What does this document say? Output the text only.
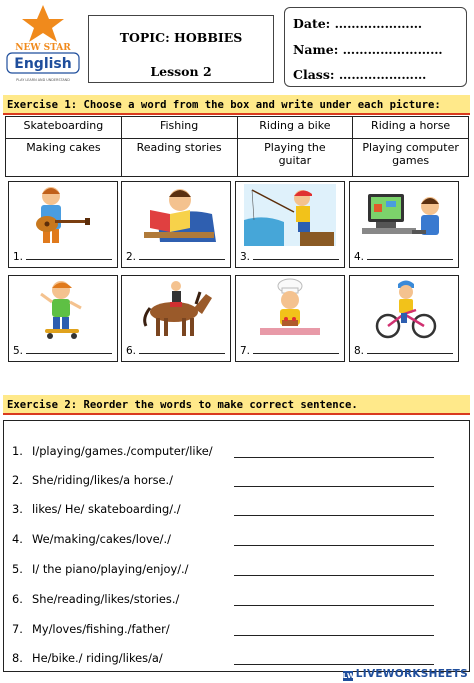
NEW STAR
English
PLAY LEARN AND UNDERSTAND
TOPIC: HOBBIES
Lesson 2
Date: …………………
Name: ……………………
Class: …………………
Exercise 1: Choose a word from the box and write under each picture:
Skateboarding	Fishing	Riding a bike	Riding a horse

Making cakes	Reading stories	Playing the guitar	Playing computer games
1.	2.	3.	4.
5.	6.	7.	8.
Exercise 2: Reorder the words to make correct sentence.
1. I/playing/games./computer/like/
2. She/riding/likes/a horse./
3. likes/ He/ skateboarding/./
4. We/making/cakes/love/./
5. I/ the piano/playing/enjoy/./
6. She/reading/likes/stories./
7. My/loves/fishing./father/
8. He/bike./ riding/likes/a/
LWLIVEWORKSHEETS
